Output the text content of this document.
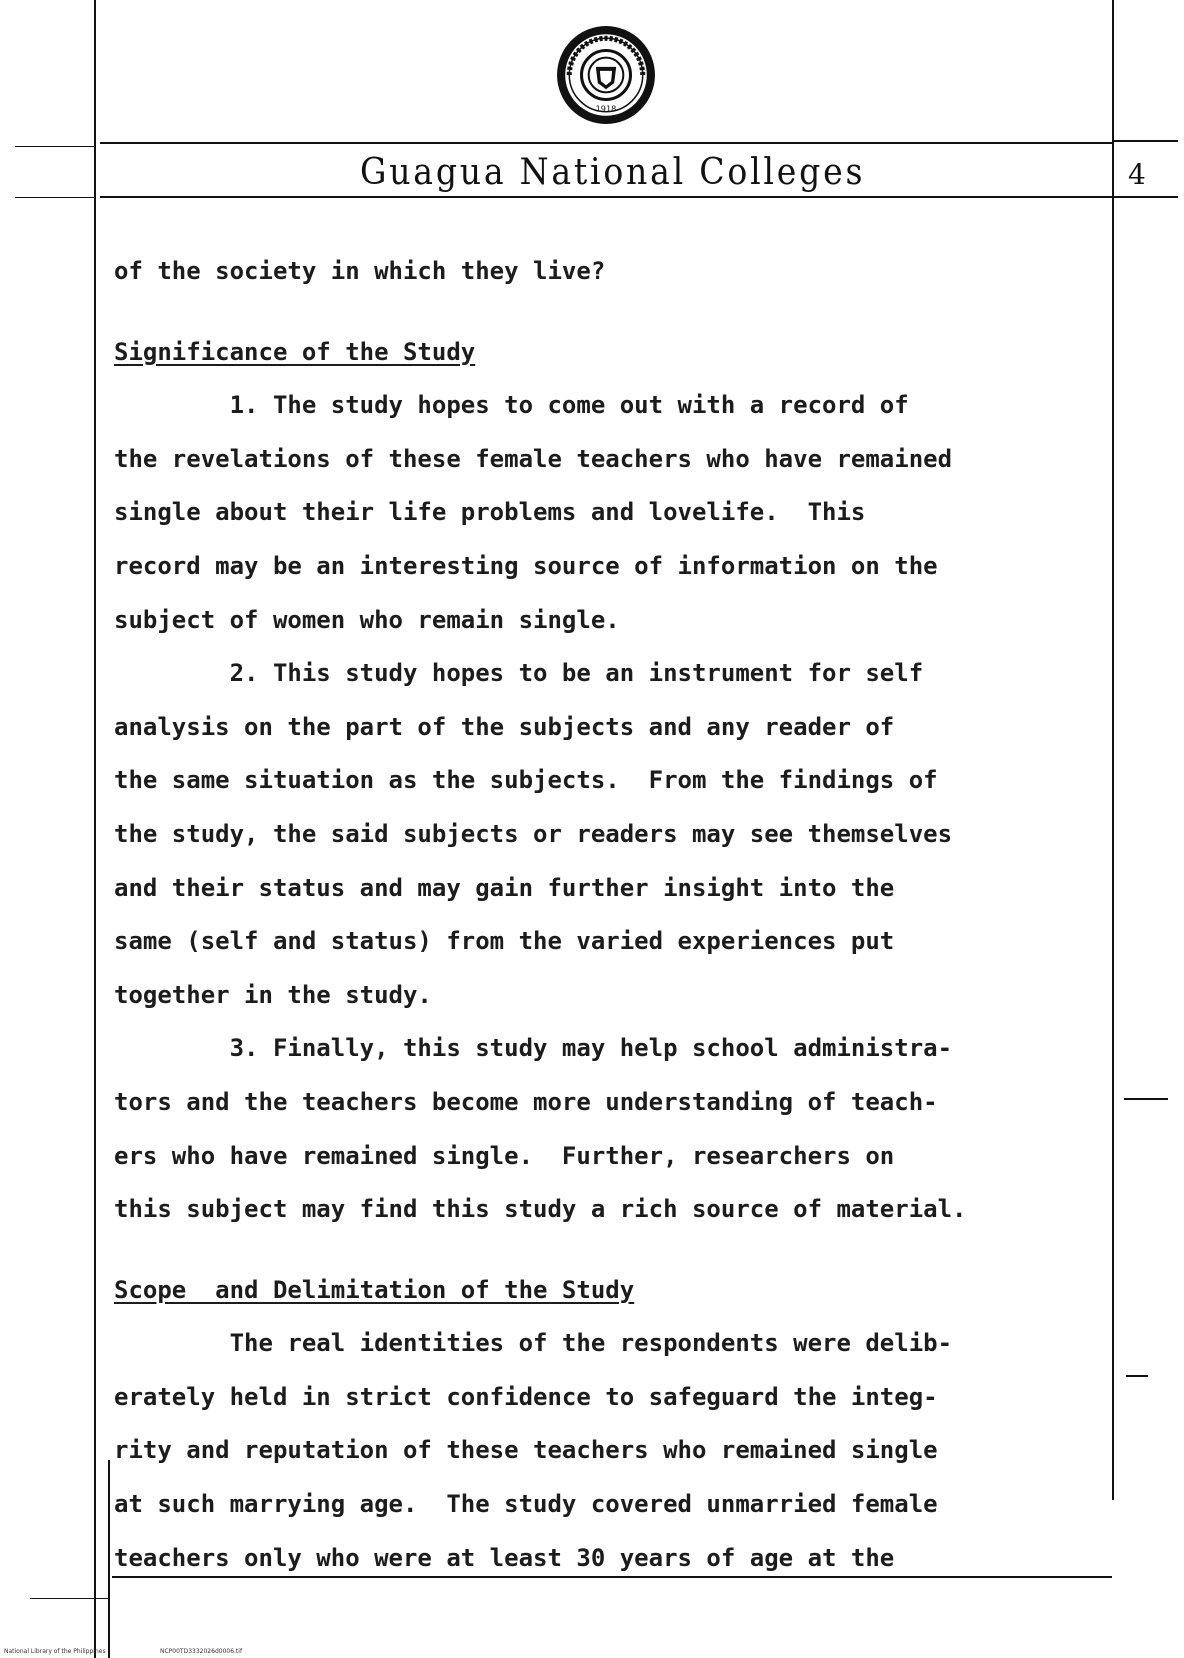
1918
Guagua National Colleges	4

of the society in which they live?

Significance of the Study

1. The study hopes to come out with a record of

the revelations of these female teachers who have remained

single about their life problems and lovelife.  This

record may be an interesting source of information on the

subject of women who remain single.

2. This study hopes to be an instrument for self

analysis on the part of the subjects and any reader of

the same situation as the subjects.  From the findings of

the study, the said subjects or readers may see themselves

and their status and may gain further insight into the

same (self and status) from the varied experiences put

together in the study.

3. Finally, this study may help school administra-

tors and the teachers become more understanding of teach-

ers who have remained single.  Further, researchers on

this subject may find this study a rich source of material.

Scope  and Delimitation of the Study

The real identities of the respondents were delib-

erately held in strict confidence to safeguard the integ-

rity and reputation of these teachers who remained single

at such marrying age.  The study covered unmarried female

teachers only who were at least 30 years of age at the

National Library of the Philippines	NCP00TD3332026d0006.tif
